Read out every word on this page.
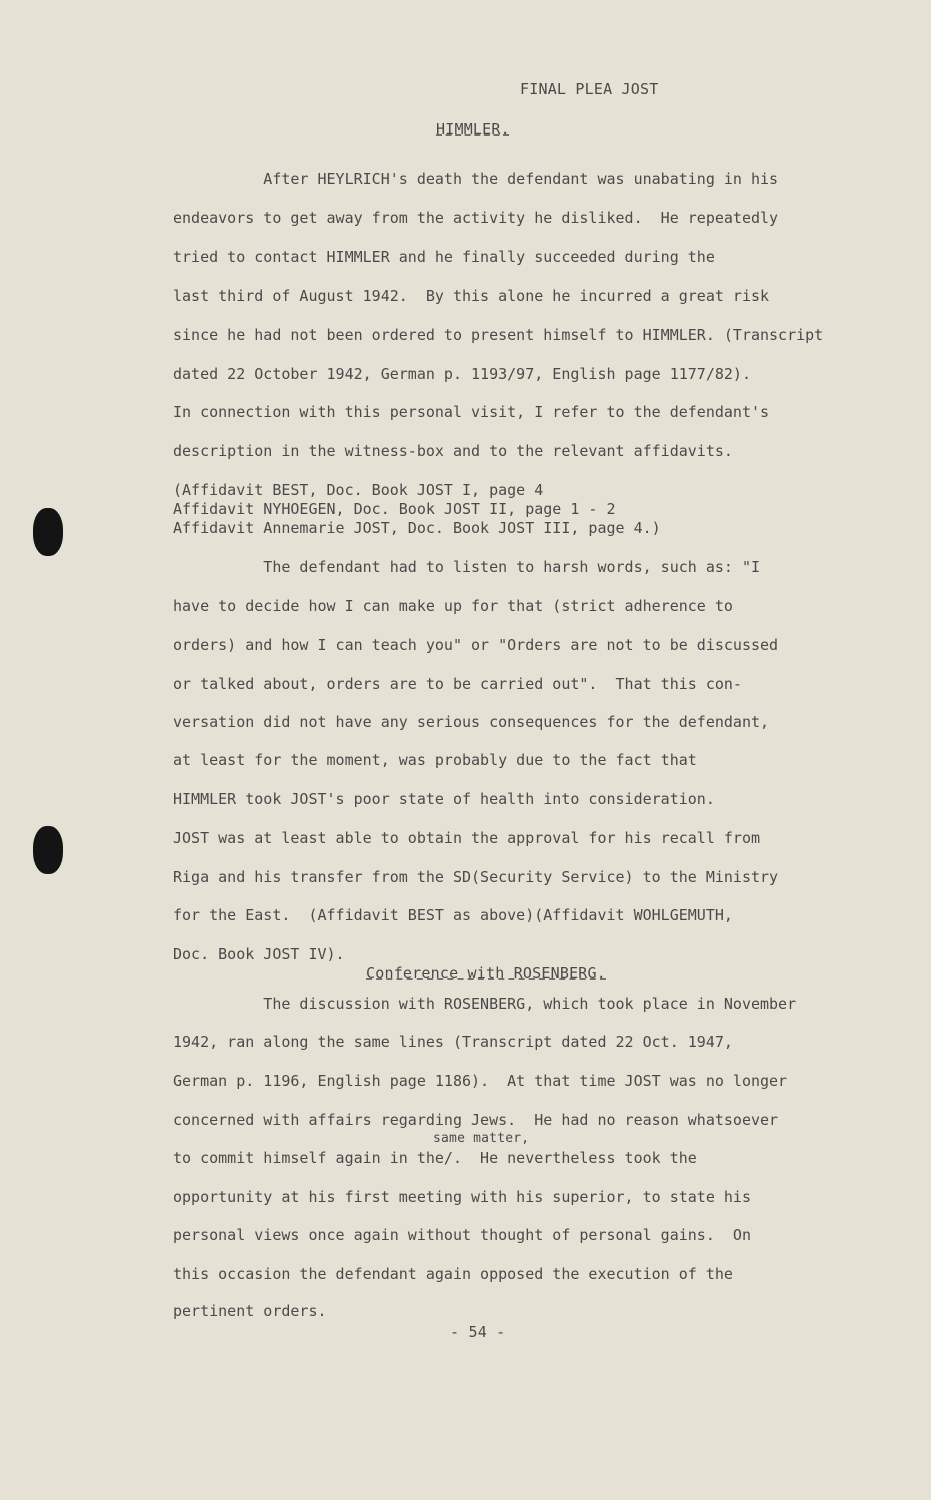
FINAL PLEA JOST
HIMMLER.
After HEYLRICH's death the defendant was unabating in his
endeavors to get away from the activity he disliked.  He repeatedly
tried to contact HIMMLER and he finally succeeded during the
last third of August 1942.  By this alone he incurred a great risk
since he had not been ordered to present himself to HIMMLER. (Transcript
dated 22 October 1942, German p. 1193/97, English page 1177/82).
In connection with this personal visit, I refer to the defendant's
description in the witness-box and to the relevant affidavits.
(Affidavit BEST, Doc. Book JOST I, page 4
Affidavit NYHOEGEN, Doc. Book JOST II, page 1 - 2
Affidavit Annemarie JOST, Doc. Book JOST III, page 4.)
The defendant had to listen to harsh words, such as: "I
have to decide how I can make up for that (strict adherence to
orders) and how I can teach you" or "Orders are not to be discussed
or talked about, orders are to be carried out".  That this con-
versation did not have any serious consequences for the defendant,
at least for the moment, was probably due to the fact that
HIMMLER took JOST's poor state of health into consideration.
JOST was at least able to obtain the approval for his recall from
Riga and his transfer from the SD(Security Service) to the Ministry
for the East.  (Affidavit BEST as above)(Affidavit WOHLGEMUTH,
Doc. Book JOST IV).
Conference with ROSENBERG.
The discussion with ROSENBERG, which took place in November
1942, ran along the same lines (Transcript dated 22 Oct. 1947,
German p. 1196, English page 1186).  At that time JOST was no longer
concerned with affairs regarding Jews.  He had no reason whatsoever
same matter,
to commit himself again in the/.  He nevertheless took the
opportunity at his first meeting with his superior, to state his
personal views once again without thought of personal gains.  On
this occasion the defendant again opposed the execution of the
pertinent orders.
- 54 -
